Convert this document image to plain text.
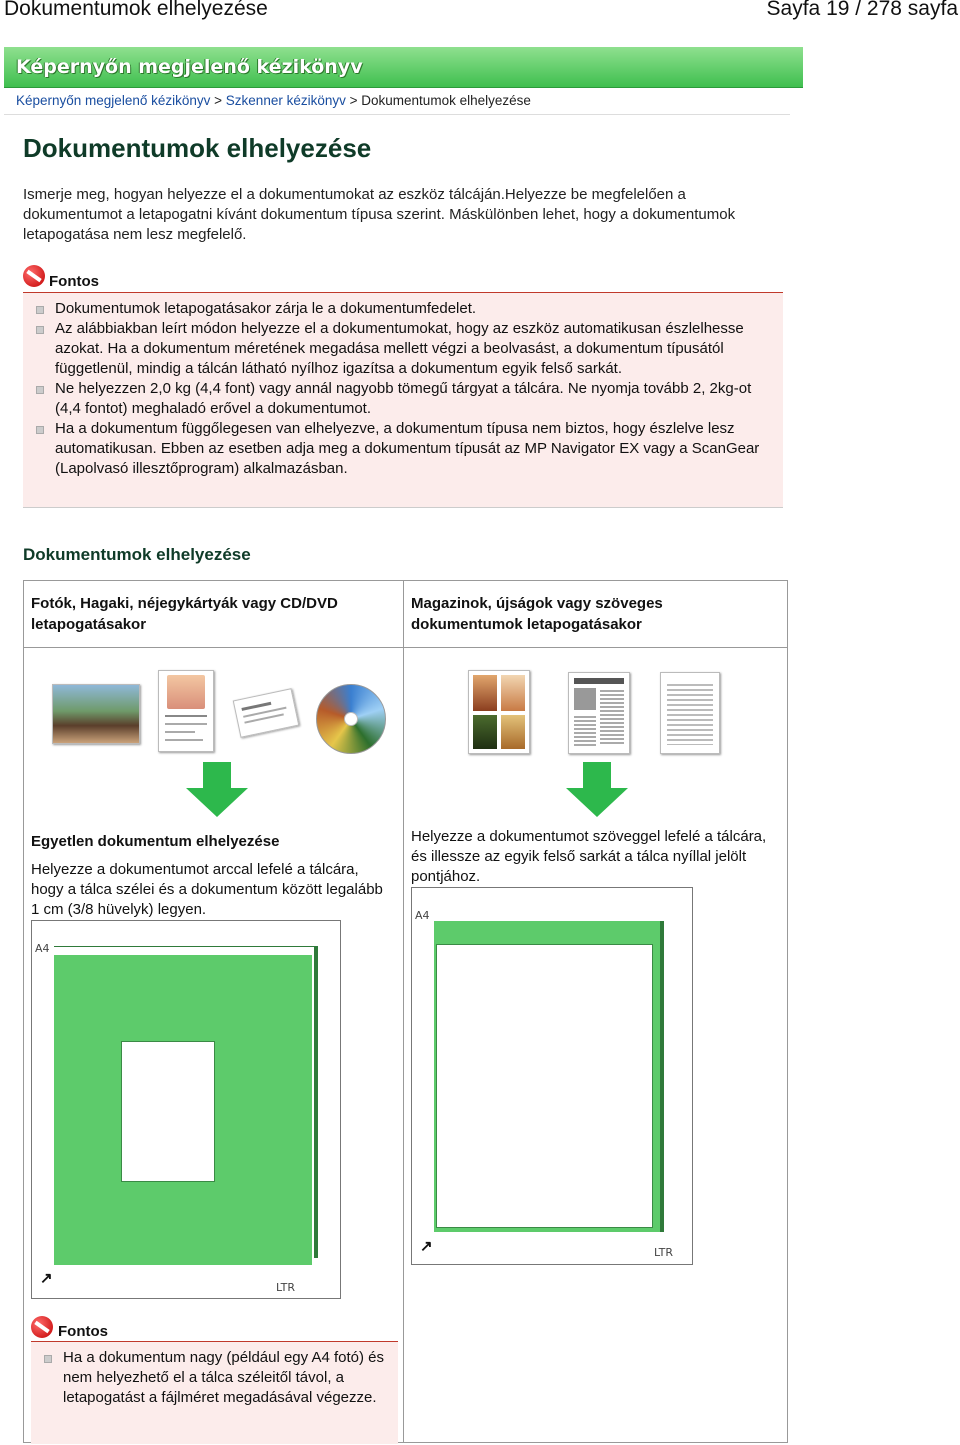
Dokumentumok elhelyezése	Sayfa 19 / 278 sayfa
Képernyőn megjelenő kézikönyv
Képernyőn megjelenő kézikönyv > Szkenner kézikönyv > Dokumentumok elhelyezése
Dokumentumok elhelyezése
Ismerje meg, hogyan helyezze el a dokumentumokat az eszköz tálcáján.Helyezze be megfelelően a dokumentumot a letapogatni kívánt dokumentum típusa szerint. Máskülönben lehet, hogy a dokumentumok letapogatása nem lesz megfelelő.
Fontos
Dokumentumok letapogatásakor zárja le a dokumentumfedelet.
Az alábbiakban leírt módon helyezze el a dokumentumokat, hogy az eszköz automatikusan észlelhesse azokat. Ha a dokumentum méretének megadása mellett végzi a beolvasást, a dokumentum típusától függetlenül, mindig a tálcán látható nyílhoz igazítsa a dokumentum egyik felső sarkát.
Ne helyezzen 2,0 kg (4,4 font) vagy annál nagyobb tömegű tárgyat a tálcára. Ne nyomja tovább 2, 2kg-ot (4,4 fontot) meghaladó erővel a dokumentumot.
Ha a dokumentum függőlegesen van elhelyezve, a dokumentum típusa nem biztos, hogy észlelve lesz automatikusan. Ebben az esetben adja meg a dokumentum típusát az MP Navigator EX vagy a ScanGear (Lapolvasó illesztőprogram) alkalmazásban.
Dokumentumok elhelyezése
Fotók, Hagaki, néjegykártyák vagy CD/DVD letapogatásakor
Magazinok, újságok vagy szöveges dokumentumok letapogatásakor
Egyetlen dokumentum elhelyezése
Helyezze a dokumentumot arccal lefelé a tálcára, hogy a tálca szélei és a dokumentum között legalább 1 cm (3/8 hüvelyk) legyen.
A4
↗
LTR
Helyezze a dokumentumot szöveggel lefelé a tálcára, és illessze az egyik felső sarkát a tálca nyíllal jelölt pontjához.
A4
↗	LTR
Fontos
Ha a dokumentum nagy (például egy A4 fotó) és nem helyezhető el a tálca széleitől távol, a letapogatást a fájlméret megadásával végezze.
